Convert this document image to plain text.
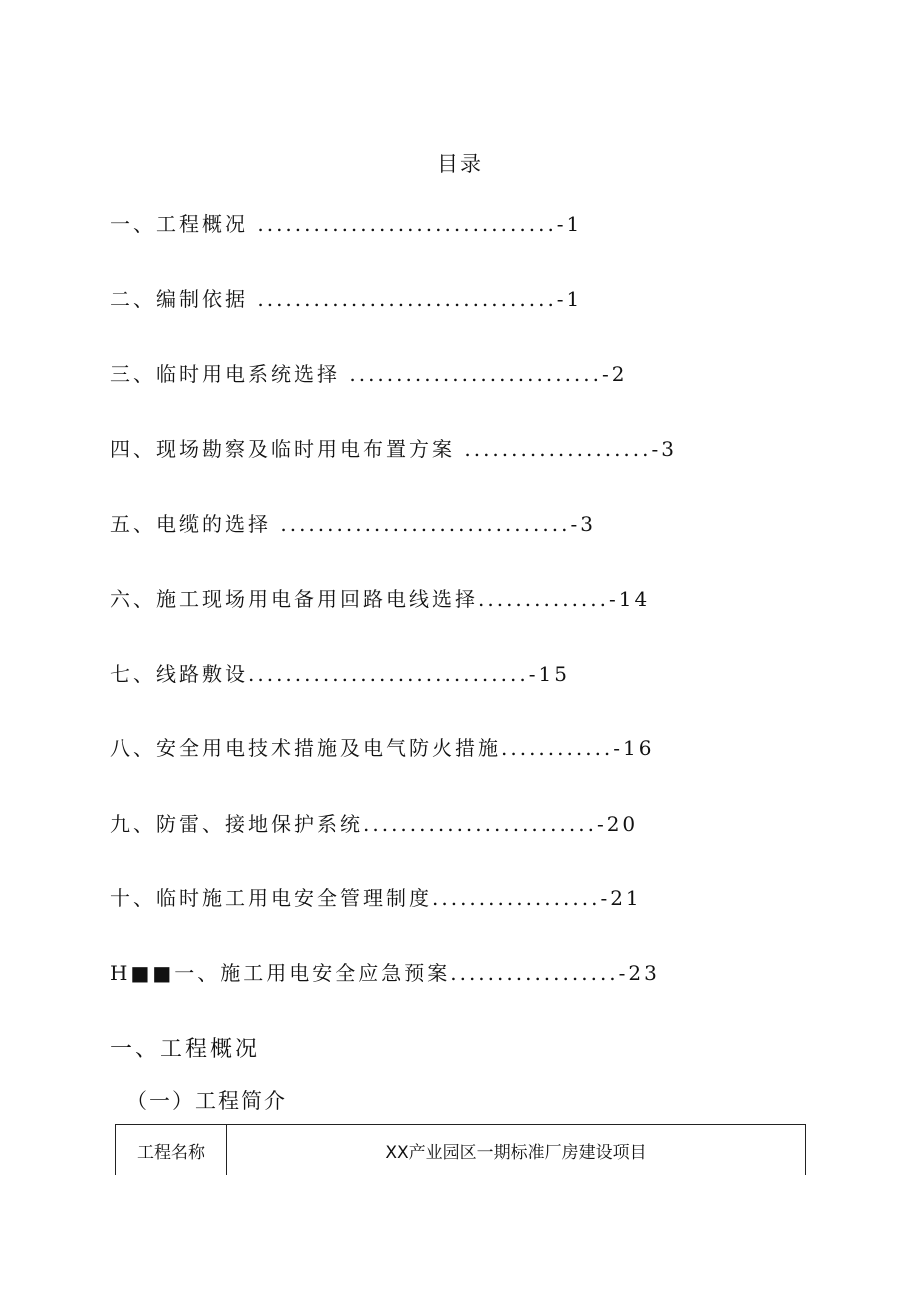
目录
一、工程概况 ................................-1
二、编制依据 ................................-1
三、临时用电系统选择 ...........................-2
四、现场勘察及临时用电布置方案 ....................-3
五、电缆的选择 ...............................-3
六、施工现场用电备用回路电线选择..............-14
七、线路敷设..............................-15
八、安全用电技术措施及电气防火措施............-16
九、防雷、接地保护系统.........................-20
十、临时施工用电安全管理制度..................-21
H■■一、施工用电安全应急预案..................-23
一、工程概况
（一）工程简介
工程名称	XX产业园区一期标准厂房建设项目
